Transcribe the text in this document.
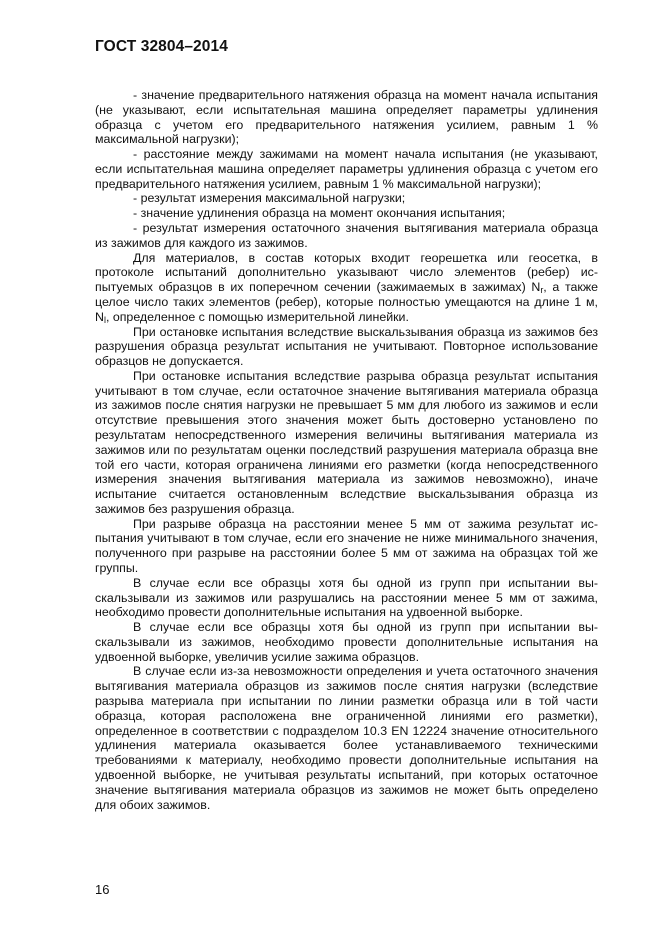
ГОСТ 32804–2014

- значение предварительного натяжения образца на момент начала испытания (не указывают, если испытательная машина определяет параметры удлинения образца с учетом его предварительного натяжения усилием, равным 1 % максимальной нагрузки);

- расстояние между зажимами на момент начала испытания (не указывают, если испытательная машина определяет параметры удлинения образца с учетом его предварительного натяжения усилием, равным 1 % максимальной нагрузки);

- результат измерения максимальной нагрузки;

- значение удлинения образца на момент окончания испытания;

- результат измерения остаточного значения вытягивания материала образца из зажимов для каждого из зажимов.

Для материалов, в состав которых входит георешетка или геосетка, в протоколе испытаний дополнительно указывают число элементов (ребер) испытуемых образцов в их поперечном сечении (зажимаемых в зажимах) $N_r$, а также целое число таких элементов (ребер), которые полностью умещаются на длине 1 м, $N_l$, определенное с помощью измерительной линейки.

При остановке испытания вследствие выскальзывания образца из зажимов без разрушения образца результат испытания не учитывают. Повторное использование образцов не допускается.

При остановке испытания вследствие разрыва образца результат испытания учитывают в том случае, если остаточное значение вытягивания материала образца из зажимов после снятия нагрузки не превышает 5 мм для любого из зажимов и если отсутствие превышения этого значения может быть достоверно установлено по результатам непосредственного измерения величины вытягивания материала из зажимов или по результатам оценки последствий разрушения материала образца вне той его части, которая ограничена линиями его разметки (когда непосредственного измерения значения вытягивания материала из зажимов невозможно), иначе испытание считается остановленным вследствие выскальзывания образца из зажимов без разрушения образца.

При разрыве образца на расстоянии менее 5 мм от зажима результат испытания учитывают в том случае, если его значение не ниже минимального значения, полученного при разрыве на расстоянии более 5 мм от зажима на образцах той же группы.

В случае если все образцы хотя бы одной из групп при испытании выскальзывали из зажимов или разрушались на расстоянии менее 5 мм от зажима, необходимо провести дополнительные испытания на удвоенной выборке.

В случае если все образцы хотя бы одной из групп при испытании выскальзывали из зажимов, необходимо провести дополнительные испытания на удвоенной выборке, увеличив усилие зажима образцов.

В случае если из-за невозможности определения и учета остаточного значения вытягивания материала образцов из зажимов после снятия нагрузки (вследствие разрыва материала при испытании по линии разметки образца или в той части образца, которая расположена вне ограниченной линиями его разметки), определенное в соответствии с подразделом 10.3 EN 12224 значение относительного удлинения материала оказывается более устанавливаемого техническими требованиями к материалу, необходимо провести дополнительные испытания на удвоенной выборке, не учитывая результаты испытаний, при которых остаточное значение вытягивания материала образцов из зажимов не может быть определено для обоих зажимов.

16
